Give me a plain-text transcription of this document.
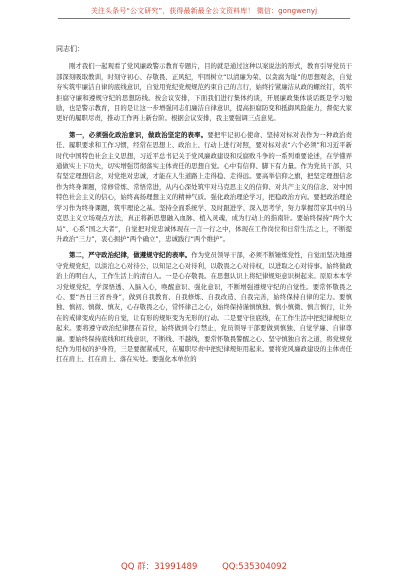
关注头条号“公文研究”，获得最新最全公文资料库！ 微信：gongwenyj

同志们：

刚才我们一起观看了党风廉政警示教育专题片，目的就是通过这种以案说法的形式，教育引导党员干部深刻吸取教训，时刻守初心、存敬畏、正风纪，牢固树立“以清廉为荣、以贪腐为耻”的思想观念，自觉夯实筑牢廉洁自律的底线意识，自觉用党纪党规规范约束自己的言行，始终拧紧廉洁从政的螺丝钉，筑牢拒腐守廉和遵规守纪的思想防线。按会议安排，下面我们进行集体约谈，开展廉政集体谈话既是学习勉励，也是警示教育，目的是让这一步增强同志们廉洁自律意识，提高拒腐防变和抵御风险能力，督促大家更好的履职尽责，推动工作再上新台阶。根据会议安排，我主要强调三点意见。

第一，必须强化政治意识，做政治坚定的表率。要把牢记初心使命、坚持对标对表作为一种政治责任、履职要求和工作习惯，经常在思想上、政治上、行动上进行对照，要对标对表“六个必须”和习近平新时代中国特色社会主义思想，习近平总书记关于党风廉政建设和反腐败斗争的一系列重要论述，在学懂弄通做实上下功夫，切实增强贯彻落实主体责任的思想自觉。心中有信仰、脚下有力量。作为党员干部，只有坚定理想信念，对党绝对忠诚，才能在人生道路上走得稳、走得远。要高举信仰之旗，把坚定理想信念作为终身课题，常修常炼、常悟常进，从内心深处筑牢对马克思主义的信仰、对共产主义的信念、对中国特色社会主义的信心，始终高扬理想主义的精神气质。强化政治理论学习，把稳政治方向。要把政治理论学习作为终身课题，筑牢理论之基。坚持全面系统学、及时跟进学、深入思考学，努力掌握贯穿其中的马克思主义立场观点方法，真正将新思想融入血脉、植入灵魂，成为行动上的指南针。要始终保持“两个大局”、心系“国之大者”，自觉把对党忠诚体现在一言一行之中，体现在工作岗位和日常生活之上，不断提升政治“三力”，衷心拥护“两个确立”，忠诚践行“两个维护”。

第二，严守政治纪律，做遵规守纪的表率。作为党员领导干部，必须不断锤炼党性，自觉而坚决地遵守党规党纪，以淡泊之心对待公，以知足之心对待利，以敬畏之心对待权，以进取之心对待事。始终做政治上的明白人，工作生活上的清白人。一是心存敬畏。在思想认识上将纪律规矩意识树起来。原原本本学习党规党纪，学深悟透、入脑入心，唤醒意识、强化意识，不断增强遵规守纪的自觉性。要常怀敬畏之心、要“吾日三省吾身”，做到自我教育、自我修炼、自我改造、自我完善，始终保持自律的定力。要慎独、慎初、慎微、慎友，心存敬畏之心，常怀律己之心，始终保持谨慎慎独、慎小慎微、慎言慎行，让外在的戒律变成内在的自觉，让有形的规矩变为无形的行动。二是要守住底线，在工作生活中把纪律规矩立起来。要将遵守政治纪律摆在首位，始终做到令行禁止，党员领导干部要做到慎独、自觉学廉、自律尊廉。要始终保持底线和红线意识，不断线、不越线，要常怀敬畏警醒之心、坚守慎独自省之道，将党规党纪作为用权的护身符，三是要握紧戒尺，在履职尽责中把纪律规矩用起来。要将党风廉政建设的主体责任扛在肩上、扛在肩上、落在实处。要强化本单位的

QQ 群：31991489	QQ:535304092
